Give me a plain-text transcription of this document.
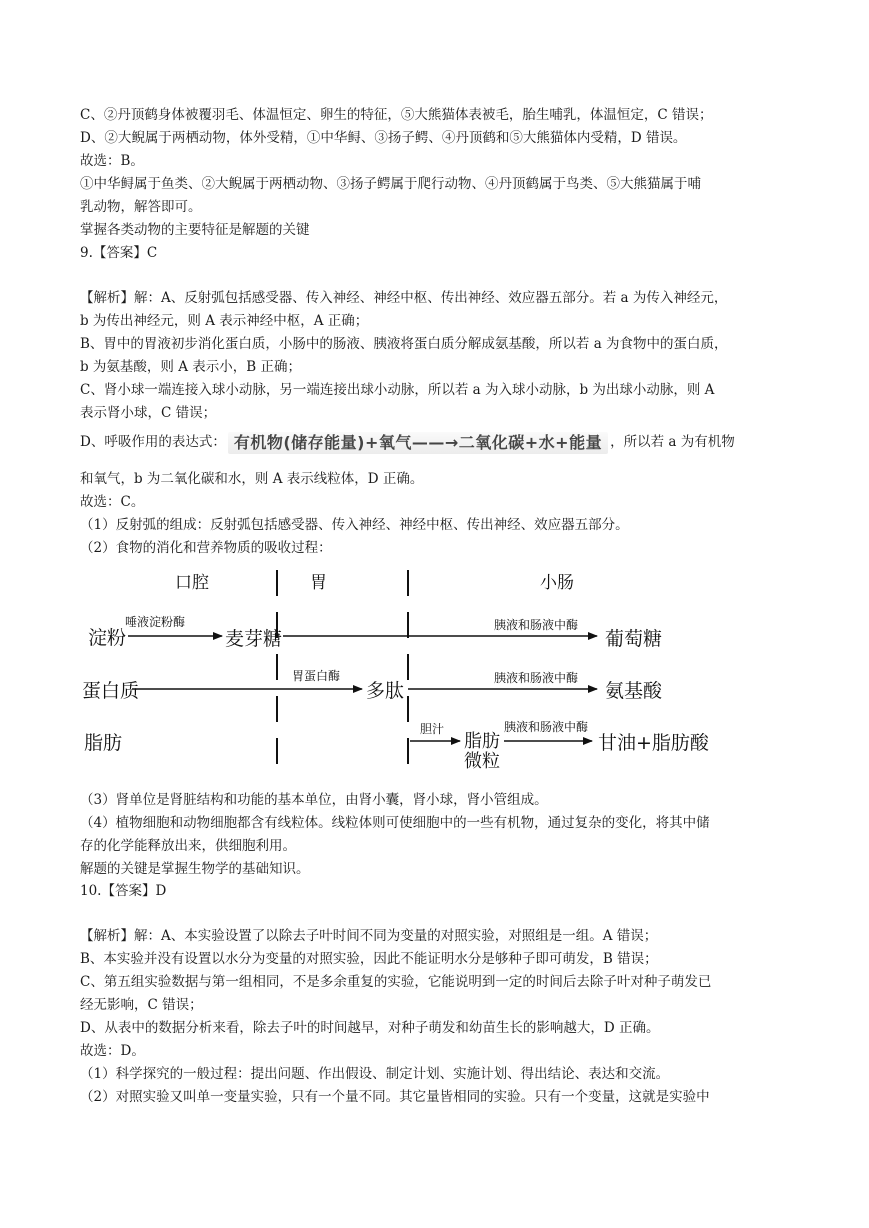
C、②丹顶鹤身体被覆羽毛、体温恒定、卵生的特征，⑤大熊猫体表被毛，胎生哺乳，体温恒定，C 错误；
D、②大鲵属于两栖动物，体外受精，①中华鲟、③扬子鳄、④丹顶鹤和⑤大熊猫体内受精，D 错误。
故选：B。
①中华鲟属于鱼类、②大鲵属于两栖动物、③扬子鳄属于爬行动物、④丹顶鹤属于鸟类、⑤大熊猫属于哺
乳动物，解答即可。
掌握各类动物的主要特征是解题的关键
9.【答案】C
【解析】解：A、反射弧包括感受器、传入神经、神经中枢、传出神经、效应器五部分。若 a 为传入神经元，
b 为传出神经元，则 A 表示神经中枢，A 正确；
B、胃中的胃液初步消化蛋白质，小肠中的肠液、胰液将蛋白质分解成氨基酸，所以若 a 为食物中的蛋白质，
b 为氨基酸，则 A 表示小，B 正确；
C、肾小球一端连接入球小动脉，另一端连接出球小动脉，所以若 a 为入球小动脉，b 为出球小动脉，则 A
表示肾小球，C 错误；
D、呼吸作用的表达式： 有机物(储存能量)+氧气——→二氧化碳+水+能量 ，所以若 a 为有机物
和氧气，b 为二氧化碳和水，则 A 表示线粒体，D 正确。
故选：C。
（1）反射弧的组成：反射弧包括感受器、传入神经、神经中枢、传出神经、效应器五部分。
（2）食物的消化和营养物质的吸收过程：
口腔	胃	小肠
淀粉
唾液淀粉酶
麦芽糖
胰液和肠液中酶
葡萄糖
蛋白质
胃蛋白酶
多肽
胰液和肠液中酶
氨基酸
脂肪
胆汁
脂肪
微粒
胰液和肠液中酶
甘油+脂肪酸
（3）肾单位是肾脏结构和功能的基本单位，由肾小囊，肾小球，肾小管组成。
（4）植物细胞和动物细胞都含有线粒体。线粒体则可使细胞中的一些有机物，通过复杂的变化，将其中储
存的化学能释放出来，供细胞利用。
解题的关键是掌握生物学的基础知识。
10.【答案】D
【解析】解：A、本实验设置了以除去子叶时间不同为变量的对照实验，对照组是一组。A 错误；
B、本实验并没有设置以水分为变量的对照实验，因此不能证明水分是够种子即可萌发，B 错误；
C、第五组实验数据与第一组相同，不是多余重复的实验，它能说明到一定的时间后去除子叶对种子萌发已
经无影响，C 错误；
D、从表中的数据分析来看，除去子叶的时间越早，对种子萌发和幼苗生长的影响越大，D 正确。
故选：D。
（1）科学探究的一般过程：提出问题、作出假设、制定计划、实施计划、得出结论、表达和交流。
（2）对照实验又叫单一变量实验，只有一个量不同。其它量皆相同的实验。只有一个变量，这就是实验中
